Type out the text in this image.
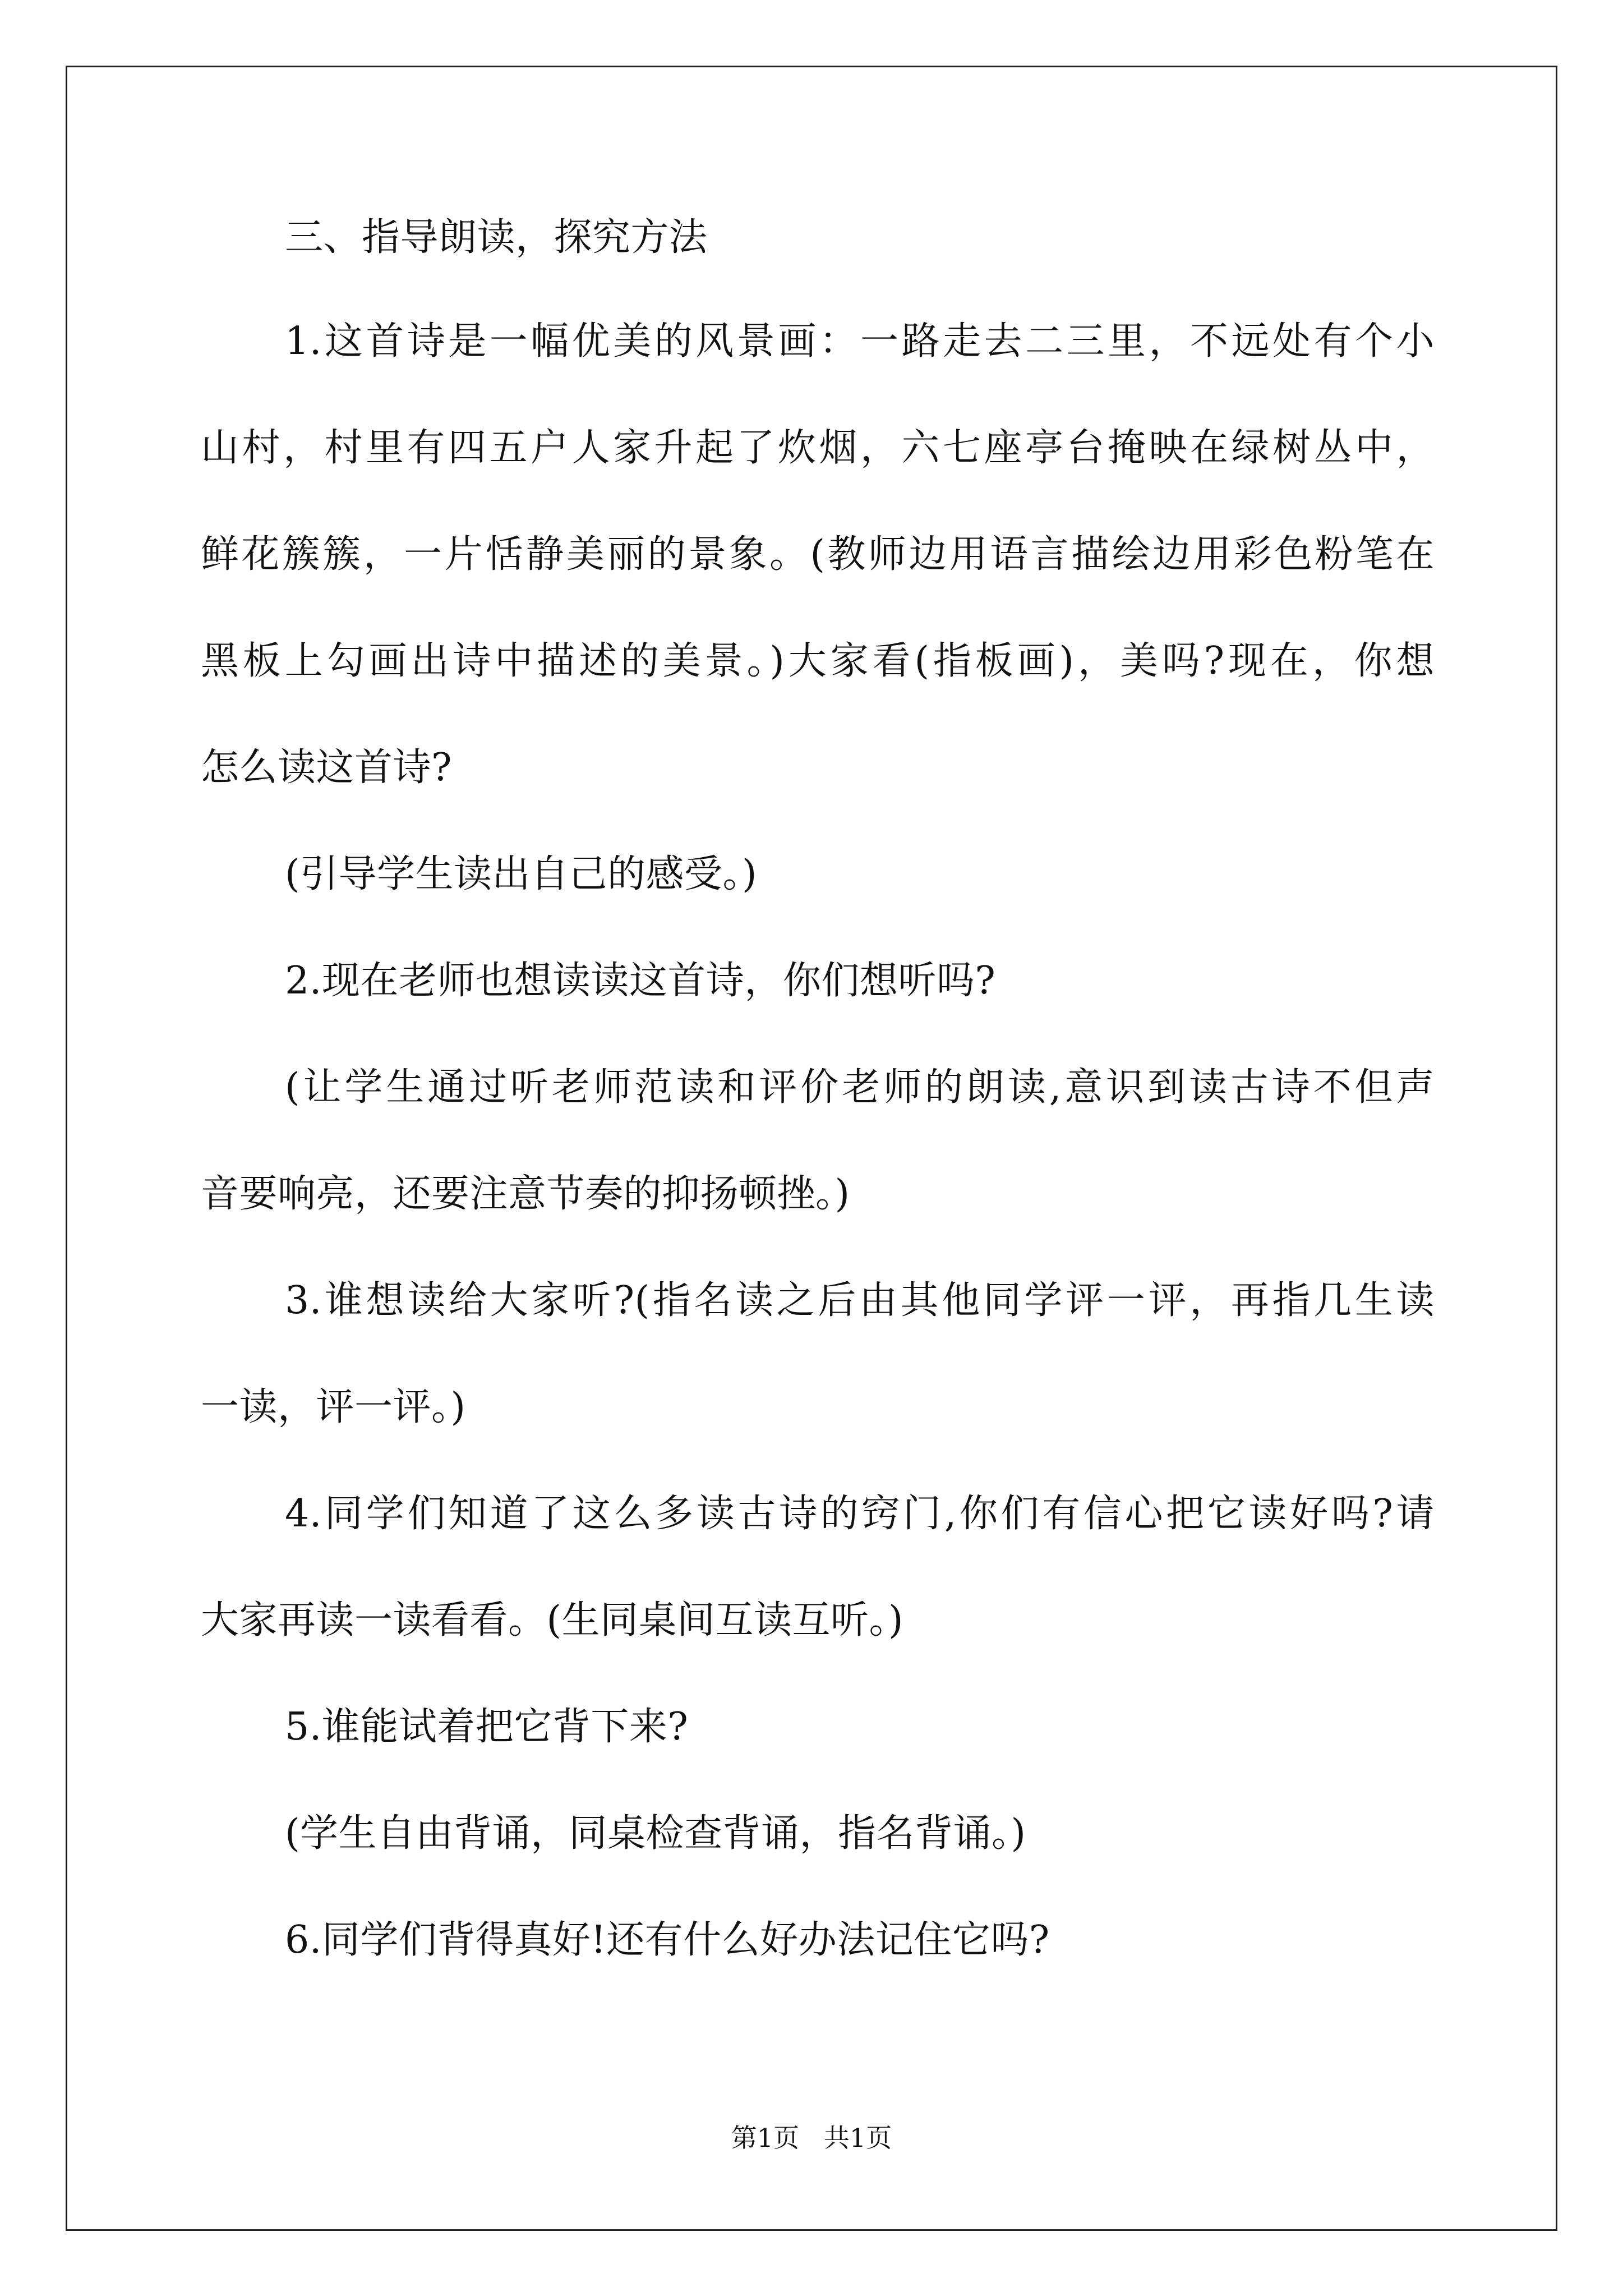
三、指导朗读，探究方法
1.这首诗是一幅优美的风景画：一路走去二三里，不远处有个小
山村，村里有四五户人家升起了炊烟，六七座亭台掩映在绿树丛中，
鲜花簇簇，一片恬静美丽的景象。(教师边用语言描绘边用彩色粉笔在
黑板上勾画出诗中描述的美景。)大家看(指板画)，美吗?现在，你想
怎么读这首诗?
(引导学生读出自己的感受。)
2.现在老师也想读读这首诗，你们想听吗?
(让学生通过听老师范读和评价老师的朗读,意识到读古诗不但声
音要响亮，还要注意节奏的抑扬顿挫。)
3.谁想读给大家听?(指名读之后由其他同学评一评，再指几生读
一读，评一评。)
4.同学们知道了这么多读古诗的窍门,你们有信心把它读好吗?请
大家再读一读看看。(生同桌间互读互听。)
5.谁能试着把它背下来?
(学生自由背诵，同桌检查背诵，指名背诵。)
6.同学们背得真好!还有什么好办法记住它吗?
第1页   共1页
